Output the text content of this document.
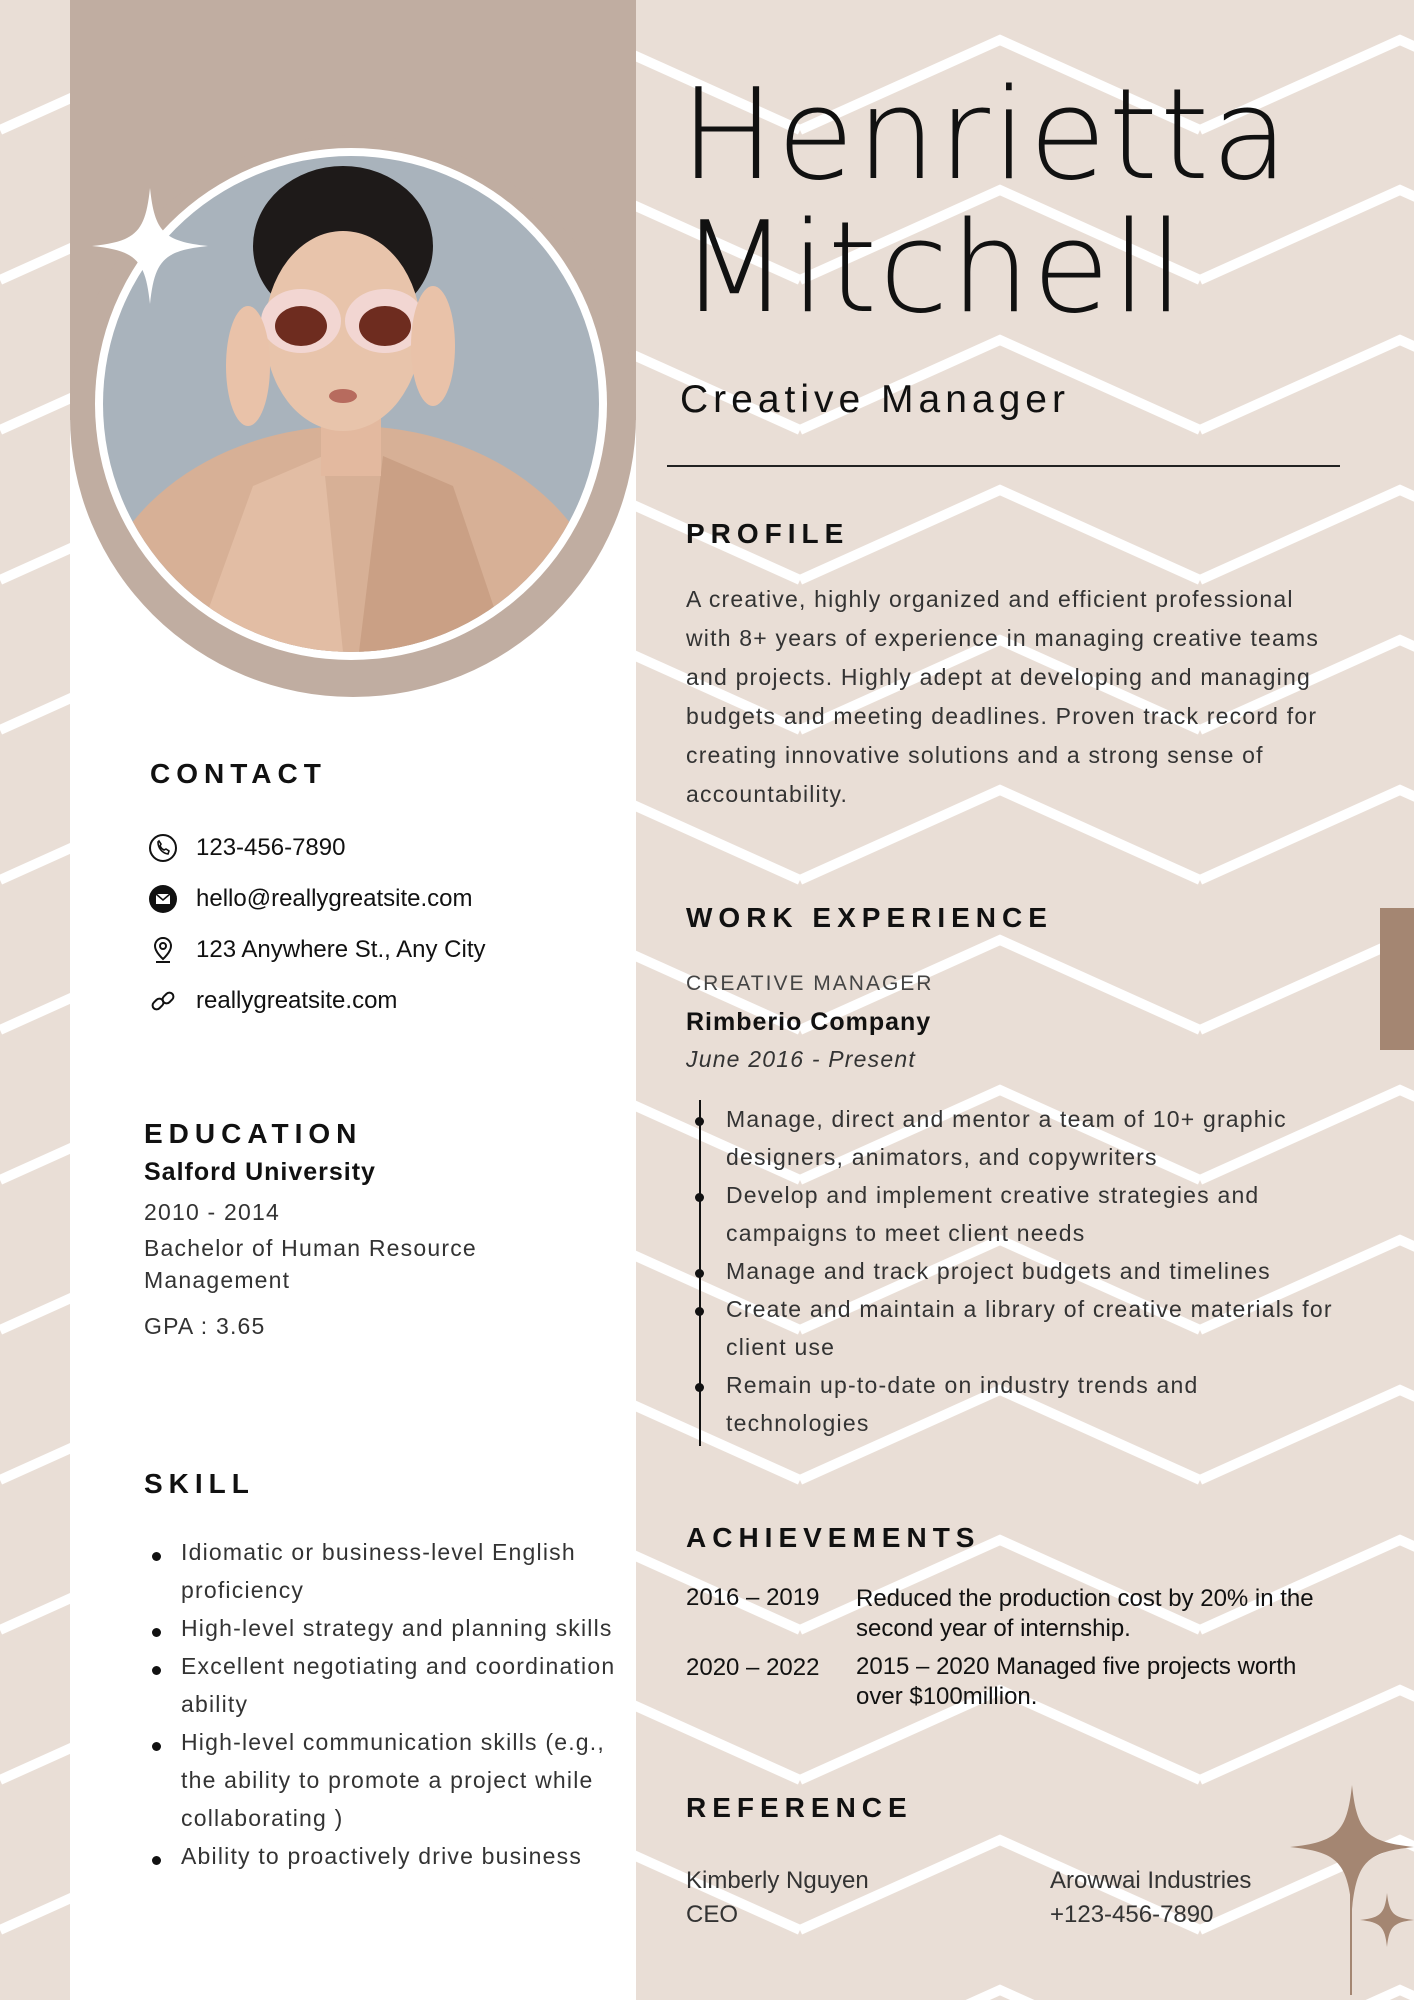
Henrietta
Mitchell
Creative Manager
CONTACT
123-456-7890
hello@reallygreatsite.com
123 Anywhere St., Any City
reallygreatsite.com
EDUCATION
Salford University
2010 - 2014
Bachelor of Human Resource
Management
GPA : 3.65
SKILL
Idiomatic or business-level English proficiency
High-level strategy and planning skills
Excellent negotiating and coordination ability
High-level communication skills (e.g., the ability to promote a project while collaborating )
Ability to proactively drive business
PROFILE
A creative, highly organized and efficient professional with 8+ years of experience in managing creative teams and projects. Highly adept at developing and managing budgets and meeting deadlines. Proven track record for creating innovative solutions and a strong sense of accountability.
WORK EXPERIENCE
CREATIVE MANAGER
Rimberio Company
June 2016 - Present
Manage, direct and mentor a team of 10+ graphic designers, animators, and copywriters
Develop and implement creative strategies and campaigns to meet client needs
Manage and track project budgets and timelines
Create and maintain a library of creative materials for client use
Remain up-to-date on industry trends and technologies
ACHIEVEMENTS
2016 – 2019 Reduced the production cost by 20% in the second year of internship.
2020 – 2022 2015 – 2020 Managed five projects worth over $100million.
REFERENCE
Kimberly Nguyen
CEO
Arowwai Industries
+123-456-7890
